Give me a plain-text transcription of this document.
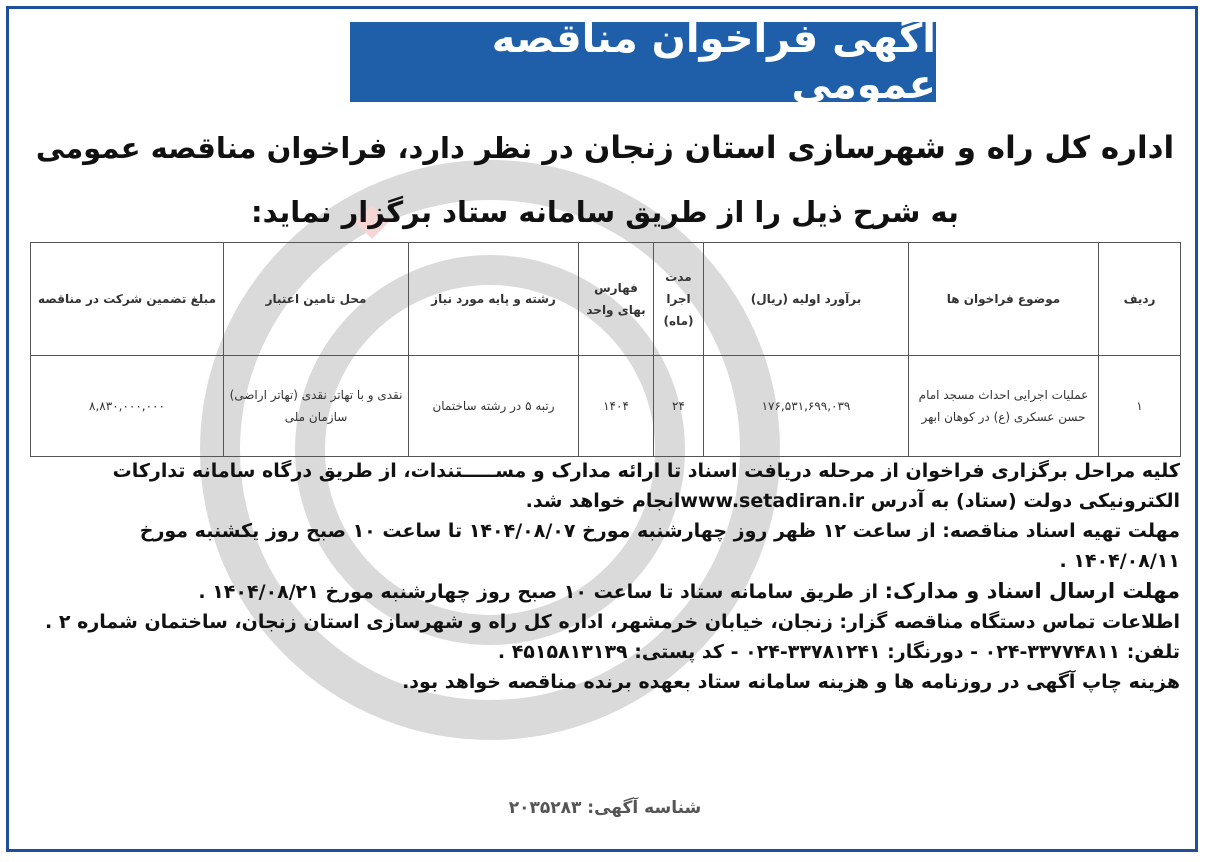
آگهی فراخوان مناقصه عمومی
اداره کل راه و شهرسازی استان زنجان در نظر دارد، فراخوان مناقصه عمومی به شرح ذیل را از طریق سامانه ستاد برگزار نماید:
ردیف	موضوع فراخوان ها	برآورد اولیه (ریال)	مدت اجرا (ماه)	فهارس بهای واحد	رشته و پایه مورد نیاز	محل تامین اعتبار	مبلغ تضمین شرکت در مناقصه
۱	عملیات اجرایی احداث مسجد امام حسن عسکری (ع) در کوهان ابهر	۱۷۶,۵۳۱,۶۹۹,۰۳۹	۲۴	۱۴۰۴	رتبه ۵ در رشته ساختمان	نقدی و با تهاتر نقدی (تهاتر اراضی) سازمان ملی	۸,۸۳۰,۰۰۰,۰۰۰

کلیه مراحل برگزاری فراخوان از مرحله دریافت اسناد تا ارائه مدارک و مســـــتندات، از طریق درگاه سامانه تدارکات الکترونیکی دولت (ستاد) به آدرس www.setadiran.irانجام خواهد شد.

مهلت تهیه اسناد مناقصه: از ساعت ۱۲ ظهر روز چهارشنبه مورخ ۱۴۰۴/۰۸/۰۷ تا ساعت ۱۰ صبح روز یکشنبه مورخ ۱۴۰۴/۰۸/۱۱ .

مهلت ارسال اسناد و مدارک: از طریق سامانه ستاد تا ساعت ۱۰ صبح روز چهارشنبه مورخ ۱۴۰۴/۰۸/۲۱ .

اطلاعات تماس دستگاه مناقصه گزار: زنجان، خیابان خرمشهر، اداره کل راه و شهرسازی استان زنجان، ساختمان شماره ۲ .

تلفن: ۳۳۷۷۴۸۱۱-۰۲۴ - دورنگار: ۳۳۷۸۱۲۴۱-۰۲۴ - کد پستی: ۴۵۱۵۸۱۳۱۳۹ .

هزینه چاپ آگهی در روزنامه ها و هزینه سامانه ستاد بعهده برنده مناقصه خواهد بود.

شناسه آگهی: ۲۰۳۵۲۸۳
